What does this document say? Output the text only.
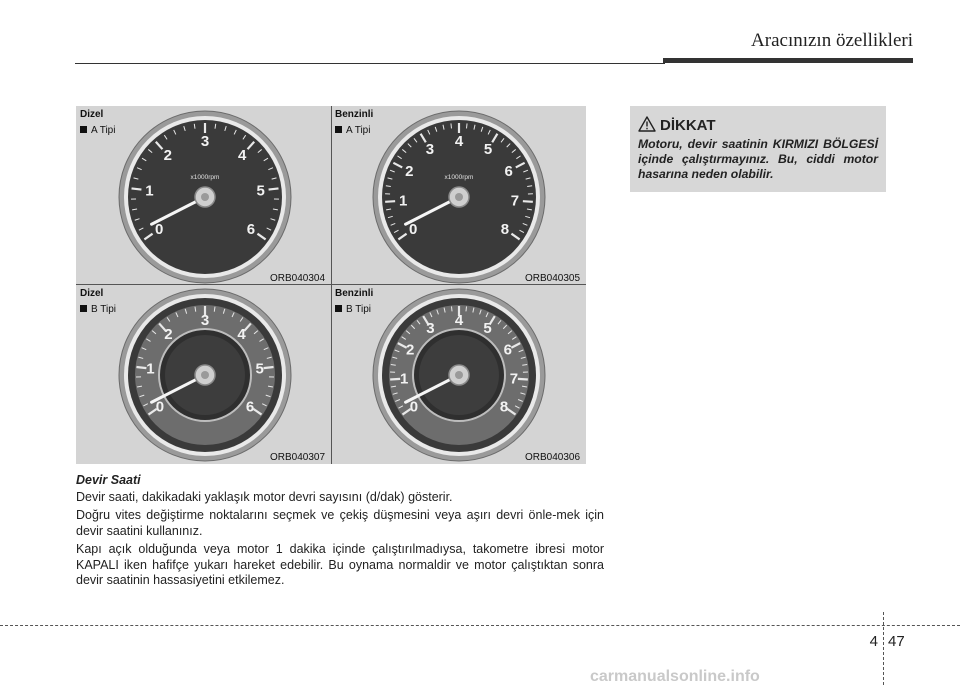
Aracınızın özellikleri
Dizel
A Tipi
0
1
2
3
4
5
6
x1000rpm
ORB040304
Benzinli
A Tipi
0
1
2
3 4 5
6
7
8
x1000rpm
ORB040305
Dizel
B Tipi
0
1
2
3
4
5
6
ORB040307
Benzinli
B Tipi
0
1
2
3 4 5
6
7
8
ORB040306
DİKKAT
Motoru, devir saatinin KIRMIZI BÖLGESİ içinde çalıştırmayınız. Bu, ciddi motor hasarına neden olabilir.
Devir Saati
Devir saati, dakikadaki yaklaşık motor devri sayısını (d/dak) gösterir.
Doğru vites değiştirme noktalarını seçmek ve çekiş düşmesini veya aşırı devri önle-mek için devir saatini kullanınız.
Kapı açık olduğunda veya motor 1 dakika içinde çalıştırılmadıysa, takometre ibresi motor KAPALI iken hafifçe yukarı hareket edebilir. Bu oynama normaldir ve motor çalıştıktan sonra devir saatinin hassasiyetini etkilemez.
4 47
carmanualsonline.info
